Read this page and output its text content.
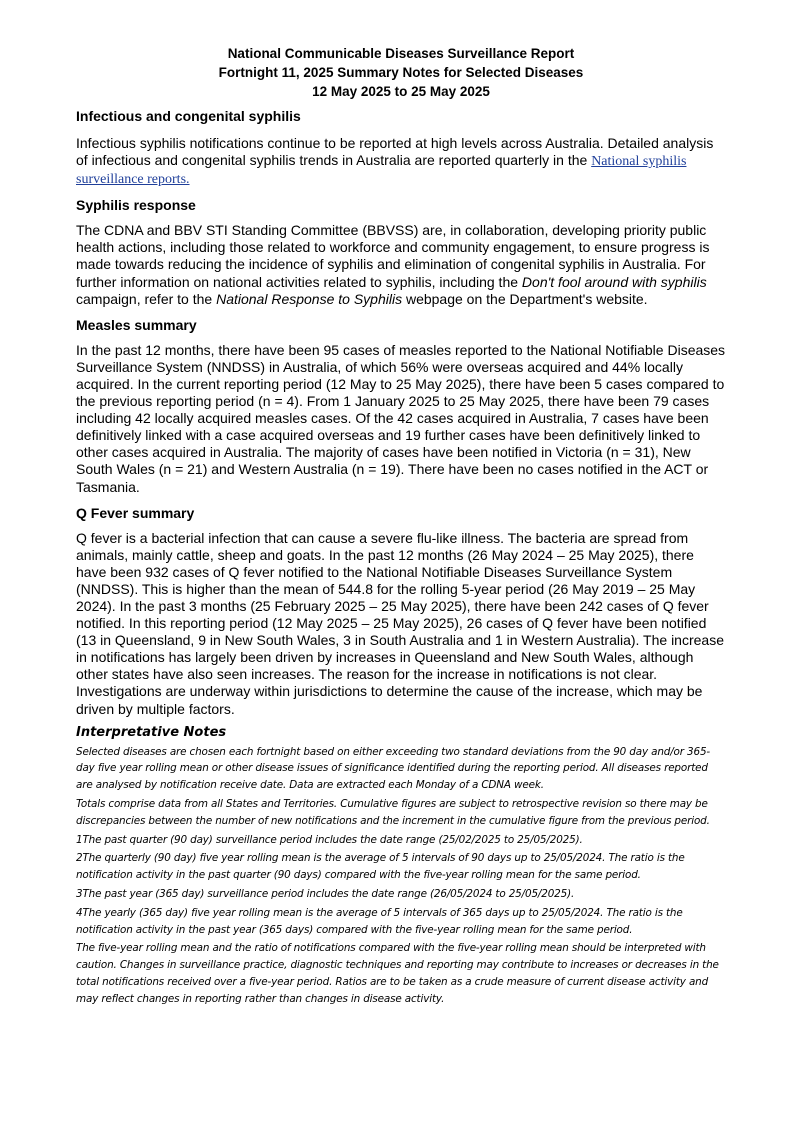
National Communicable Diseases Surveillance Report
Fortnight 11, 2025 Summary Notes for Selected Diseases
12 May 2025 to 25 May 2025
Infectious and congenital syphilis

Infectious syphilis notifications continue to be reported at high levels across Australia. Detailed analysis of infectious and congenital syphilis trends in Australia are reported quarterly in the National syphilis surveillance reports.

Syphilis response

The CDNA and BBV STI Standing Committee (BBVSS) are, in collaboration, developing priority public health actions, including those related to workforce and community engagement, to ensure progress is made towards reducing the incidence of syphilis and elimination of congenital syphilis in Australia. For further information on national activities related to syphilis, including the Don't fool around with syphilis campaign, refer to the National Response to Syphilis webpage on the Department's website.

Measles summary

In the past 12 months, there have been 95 cases of measles reported to the National Notifiable Diseases Surveillance System (NNDSS) in Australia, of which 56% were overseas acquired and 44% locally acquired. In the current reporting period (12 May to 25 May 2025), there have been 5 cases compared to the previous reporting period (n = 4). From 1 January 2025 to 25 May 2025, there have been 79 cases including 42 locally acquired measles cases. Of the 42 cases acquired in Australia, 7 cases have been definitively linked with a case acquired overseas and 19 further cases have been definitively linked to other cases acquired in Australia. The majority of cases have been notified in Victoria (n = 31), New South Wales (n = 21) and Western Australia (n = 19). There have been no cases notified in the ACT or Tasmania.

Q Fever summary

Q fever is a bacterial infection that can cause a severe flu-like illness. The bacteria are spread from animals, mainly cattle, sheep and goats. In the past 12 months (26 May 2024 – 25 May 2025), there have been 932 cases of Q fever notified to the National Notifiable Diseases Surveillance System (NNDSS). This is higher than the mean of 544.8 for the rolling 5-year period (26 May 2019 – 25 May 2024). In the past 3 months (25 February 2025 – 25 May 2025), there have been 242 cases of Q fever notified. In this reporting period (12 May 2025 – 25 May 2025), 26 cases of Q fever have been notified (13 in Queensland, 9 in New South Wales, 3 in South Australia and 1 in Western Australia). The increase in notifications has largely been driven by increases in Queensland and New South Wales, although other states have also seen increases. The reason for the increase in notifications is not clear. Investigations are underway within jurisdictions to determine the cause of the increase, which may be driven by multiple factors.

Interpretative Notes

Selected diseases are chosen each fortnight based on either exceeding two standard deviations from the 90 day and/or 365-day five year rolling mean or other disease issues of significance identified during the reporting period. All diseases reported are analysed by notification receive date. Data are extracted each Monday of a CDNA week.

Totals comprise data from all States and Territories. Cumulative figures are subject to retrospective revision so there may be discrepancies between the number of new notifications and the increment in the cumulative figure from the previous period.

1The past quarter (90 day) surveillance period includes the date range (25/02/2025 to 25/05/2025).

2The quarterly (90 day) five year rolling mean is the average of 5 intervals of 90 days up to 25/05/2024. The ratio is the notification activity in the past quarter (90 days) compared with the five-year rolling mean for the same period.

3The past year (365 day) surveillance period includes the date range (26/05/2024 to 25/05/2025).

4The yearly (365 day) five year rolling mean is the average of 5 intervals of 365 days up to 25/05/2024. The ratio is the notification activity in the past year (365 days) compared with the five-year rolling mean for the same period.

The five-year rolling mean and the ratio of notifications compared with the five-year rolling mean should be interpreted with caution. Changes in surveillance practice, diagnostic techniques and reporting may contribute to increases or decreases in the total notifications received over a five-year period. Ratios are to be taken as a crude measure of current disease activity and may reflect changes in reporting rather than changes in disease activity.
